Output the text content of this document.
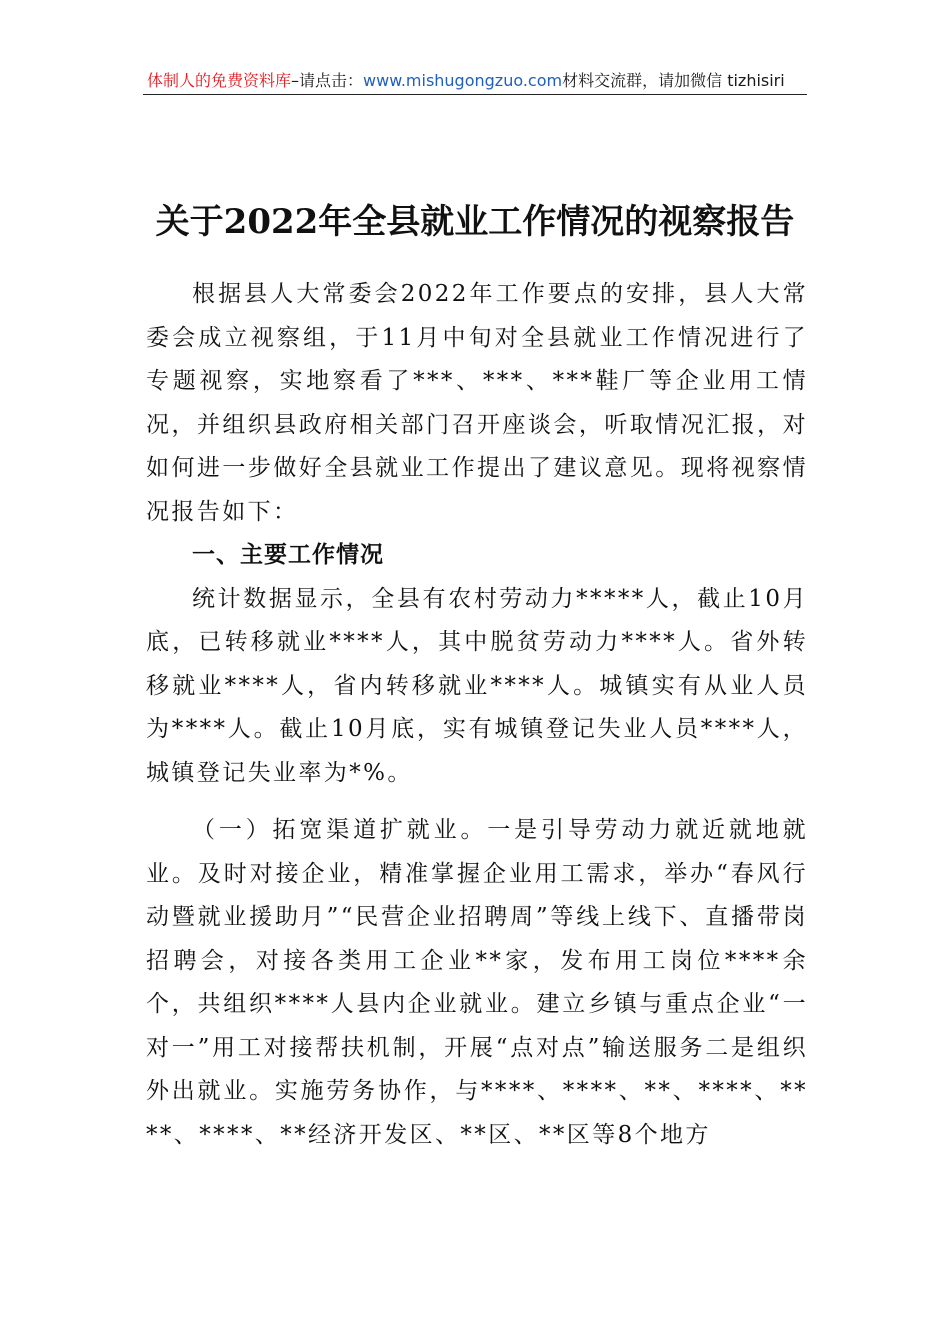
体制人的免费资料库–请点击：www.mishugongzuo.com材料交流群，请加微信 tizhisiri
关于2022年全县就业工作情况的视察报告

根据县人大常委会2022年工作要点的安排，县人大常委会成立视察组，于11月中旬对全县就业工作情况进行了专题视察，实地察看了***、***、***鞋厂等企业用工情况，并组织县政府相关部门召开座谈会，听取情况汇报，对如何进一步做好全县就业工作提出了建议意见。现将视察情况报告如下：

一、主要工作情况

统计数据显示，全县有农村劳动力*****人，截止10月底，已转移就业****人，其中脱贫劳动力****人。省外转移就业****人，省内转移就业****人。城镇实有从业人员为****人。截止10月底，实有城镇登记失业人员****人，城镇登记失业率为*%。

（一）拓宽渠道扩就业。一是引导劳动力就近就地就业。及时对接企业，精准掌握企业用工需求，举办“春风行动暨就业援助月”“民营企业招聘周”等线上线下、直播带岗招聘会，对接各类用工企业**家，发布用工岗位****余个，共组织****人县内企业就业。建立乡镇与重点企业“一对一”用工对接帮扶机制，开展“点对点”输送服务二是组织外出就业。实施劳务协作，与****、****、**、****、****、****、**经济开发区、**区、**区等8个地方
